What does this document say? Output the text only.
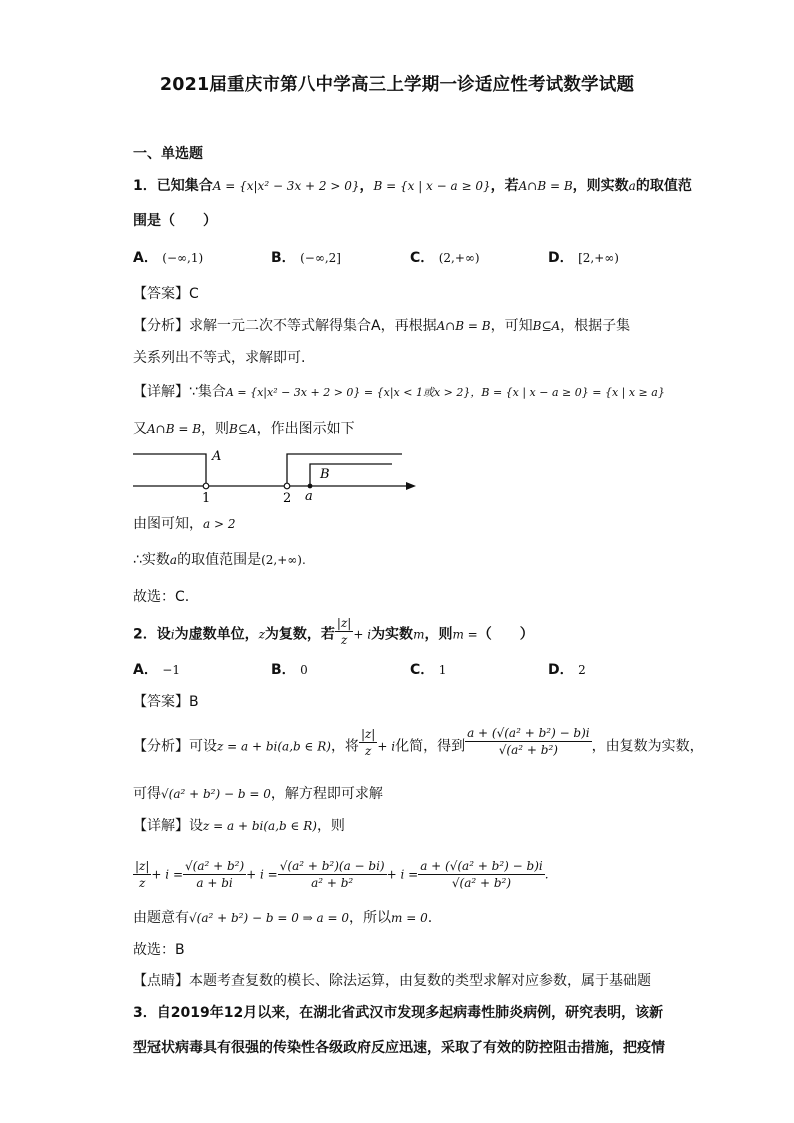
2021届重庆市第八中学高三上学期一诊适应性考试数学试题
一、单选题
1．已知集合A = {x|x² − 3x + 2 > 0}，B = {x | x − a ≥ 0}，若A∩B = B，则实数a的取值范
围是（　　）
A． (−∞,1)	B． (−∞,2]	C． (2,+∞)	D． [2,+∞)
【答案】C
【分析】求解一元二次不等式解得集合A，再根据A∩B = B，可知B⊆A，根据子集
关系列出不等式，求解即可.
【详解】∵集合A = {x|x² − 3x + 2 > 0} = {x|x < 1或x > 2}，B = {x | x − a ≥ 0} = {x | x ≥ a}
又A∩B = B，则B⊆A，作出图示如下
A
B
1	2 a
由图可知，a > 2
∴实数a的取值范围是(2,+∞).
故选：C.
2．设i为虚数单位，z为复数，若 $\frac{|z|}{z} + i$为实数m，则m =（　　）
A． −1	B． 0	C． 1	D． 2
【答案】B
【分析】可设z = a + bi(a,b ∈ R)，将 $\frac{|z|}{z} + i$化简，得到 $\frac{\text{a + (√(a² + b²) − b)i}}{\text{√(a² + b²)}}$ ，由复数为实数，
可得√(a² + b²) − b = 0，解方程即可求解
【详解】设z = a + bi(a,b ∈ R)，则
$\frac{|z|}{z} + i = \frac{\text{√(a² + b²)}}{a + bi} + i = \frac{\text{√(a² + b²)(a − bi)}}{\text{a² + b²}} + i = \frac{\text{a + (√(a² + b²) − b)i}}{\text{√(a² + b²)}}$ .
由题意有√(a² + b²) − b = 0 ⇒ a = 0，所以m = 0.
故选：B
【点睛】本题考查复数的模长、除法运算，由复数的类型求解对应参数，属于基础题
3．自2019年12月以来，在湖北省武汉市发现多起病毒性肺炎病例，研究表明，该新
型冠状病毒具有很强的传染性各级政府反应迅速，采取了有效的防控阻击措施，把疫情
